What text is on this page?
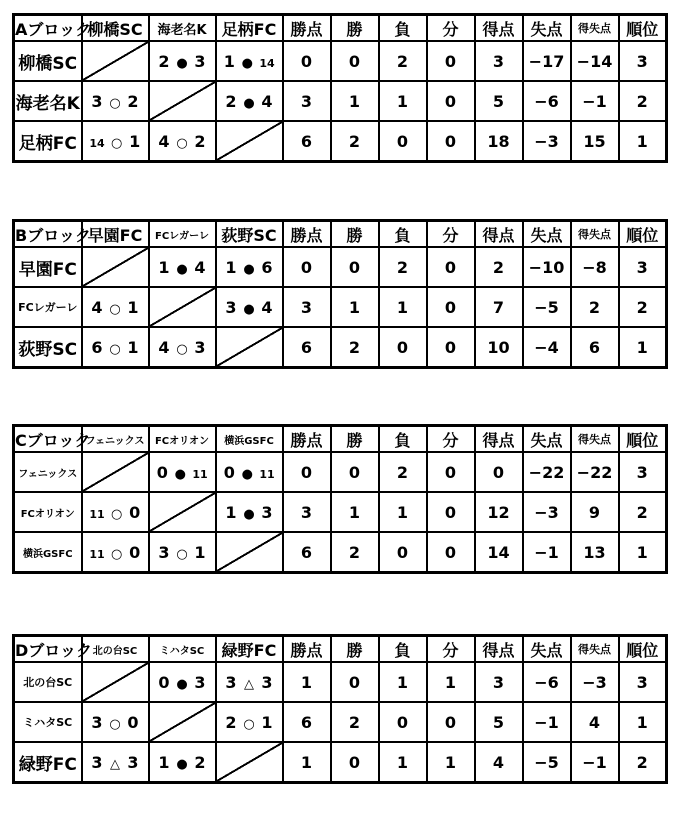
Aブロック	柳橋SC	海老名K	足柄FC	勝点	勝	負	分	得点	失点	得失点	順位
柳橋SC		2 ● 3	1 ● 14	0	0	2	0	3	−17	−14	3
海老名K	3 ○ 2		2 ● 4	3	1	1	0	5	−6	−1	2
足柄FC	14 ○ 1	4 ○ 2		6	2	0	0	18	−3	15	1
Bブロック	早園FC	FCレガーレ	荻野SC	勝点	勝	負	分	得点	失点	得失点	順位
早園FC		1 ● 4	1 ● 6	0	0	2	0	2	−10	−8	3
FCレガーレ	4 ○ 1		3 ● 4	3	1	1	0	7	−5	2	2
荻野SC	6 ○ 1	4 ○ 3		6	2	0	0	10	−4	6	1
Cブロック	フェニックス	FCオリオン	横浜GSFC	勝点	勝	負	分	得点	失点	得失点	順位
フェニックス		0 ● 11	0 ● 11	0	0	2	0	0	−22	−22	3
FCオリオン	11 ○ 0		1 ● 3	3	1	1	0	12	−3	9	2
横浜GSFC	11 ○ 0	3 ○ 1		6	2	0	0	14	−1	13	1
Dブロック	北の台SC	ミハタSC	緑野FC	勝点	勝	負	分	得点	失点	得失点	順位
北の台SC		0 ● 3	3 △ 3	1	0	1	1	3	−6	−3	3
ミハタSC	3 ○ 0		2 ○ 1	6	2	0	0	5	−1	4	1
緑野FC	3 △ 3	1 ● 2		1	0	1	1	4	−5	−1	2
